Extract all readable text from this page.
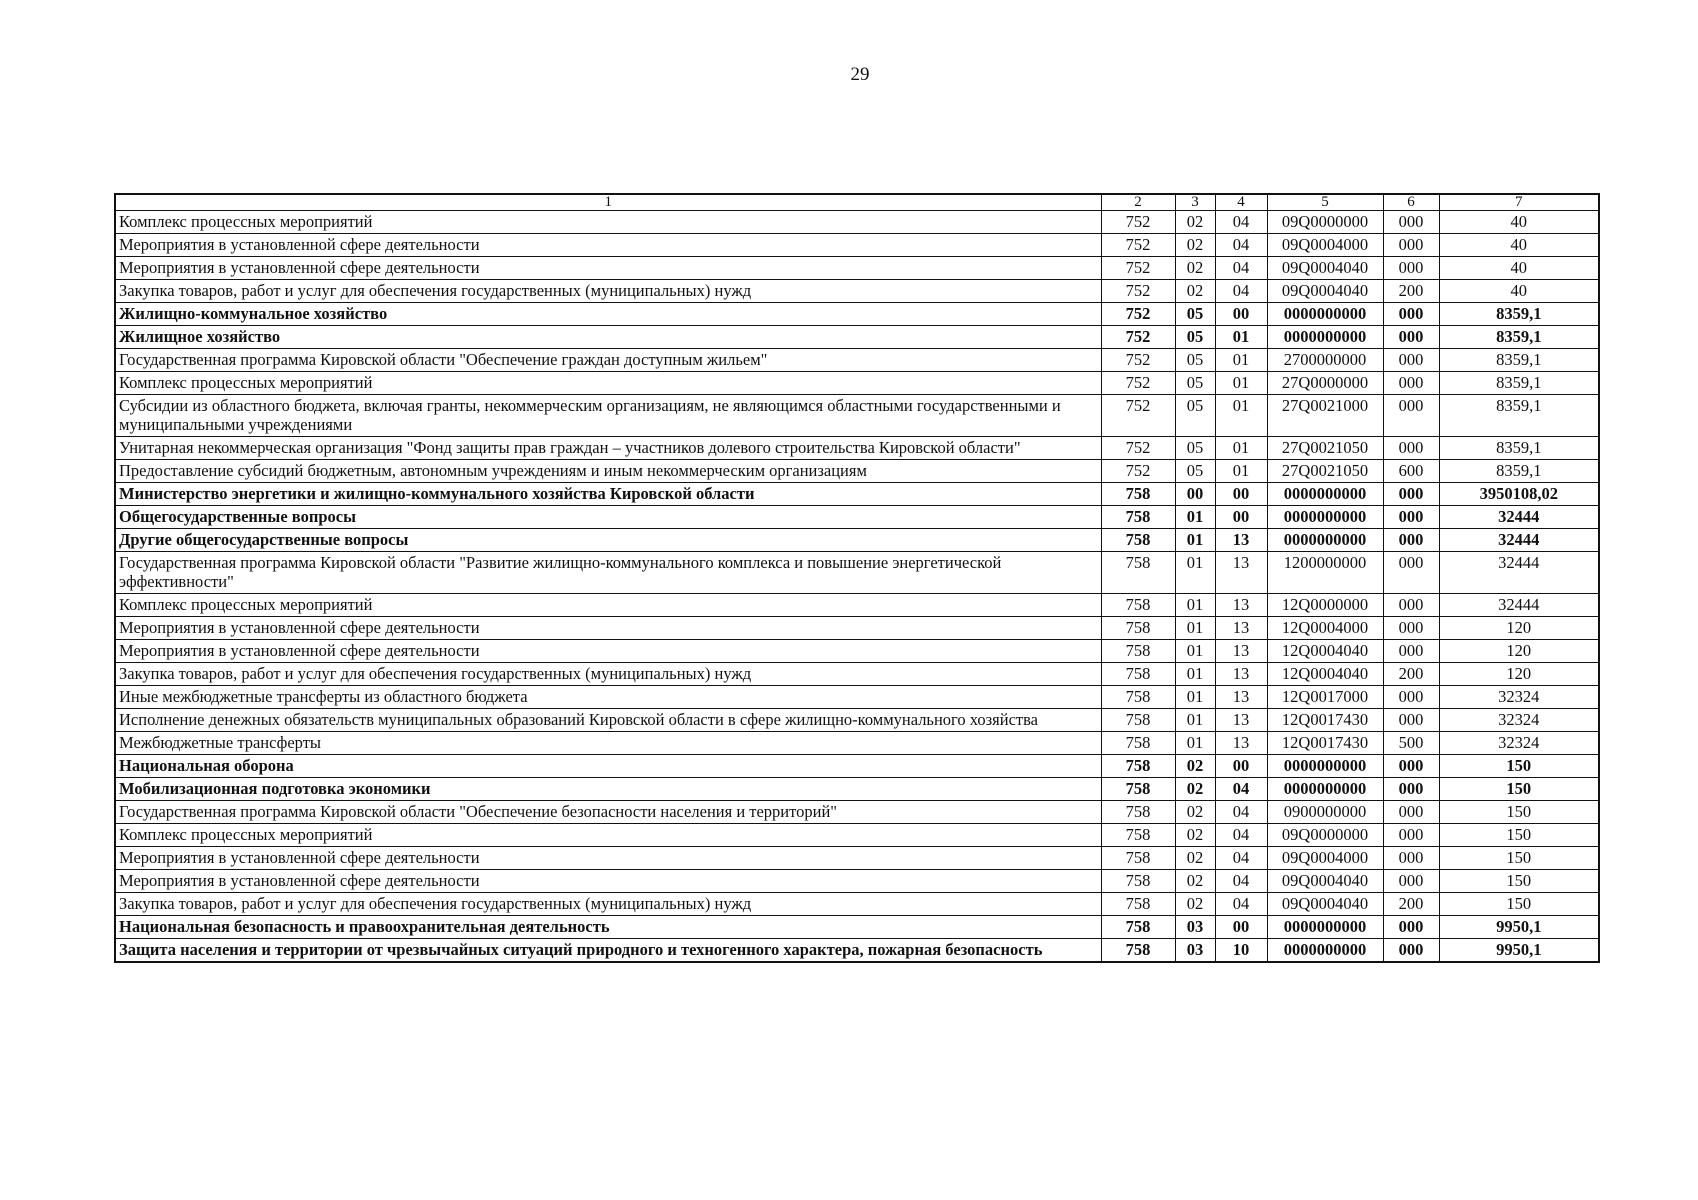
29
1	2	3	4	5	6	7
Комплекс процессных мероприятий	752	02	04	09Q0000000	000	40
Мероприятия в установленной сфере деятельности	752	02	04	09Q0004000	000	40
Мероприятия в установленной сфере деятельности	752	02	04	09Q0004040	000	40
Закупка товаров, работ и услуг для обеспечения государственных (муниципальных) нужд	752	02	04	09Q0004040	200	40
Жилищно-коммунальное хозяйство	752	05	00	0000000000	000	8359,1
Жилищное хозяйство	752	05	01	0000000000	000	8359,1
Государственная программа Кировской области "Обеспечение граждан доступным жильем"	752	05	01	2700000000	000	8359,1
Комплекс процессных мероприятий	752	05	01	27Q0000000	000	8359,1
Субсидии из областного бюджета, включая гранты, некоммерческим организациям, не являющимся областными государственными и муниципальными учреждениями	752	05	01	27Q0021000	000	8359,1
Унитарная некоммерческая организация "Фонд защиты прав граждан – участников долевого строительства Кировской области"	752	05	01	27Q0021050	000	8359,1
Предоставление субсидий бюджетным, автономным учреждениям и иным некоммерческим организациям	752	05	01	27Q0021050	600	8359,1
Министерство энергетики и жилищно-коммунального хозяйства Кировской области	758	00	00	0000000000	000	3950108,02
Общегосударственные вопросы	758	01	00	0000000000	000	32444
Другие общегосударственные вопросы	758	01	13	0000000000	000	32444
Государственная программа Кировской области "Развитие жилищно-коммунального комплекса и повышение энергетической эффективности"	758	01	13	1200000000	000	32444
Комплекс процессных мероприятий	758	01	13	12Q0000000	000	32444
Мероприятия в установленной сфере деятельности	758	01	13	12Q0004000	000	120
Мероприятия в установленной сфере деятельности	758	01	13	12Q0004040	000	120
Закупка товаров, работ и услуг для обеспечения государственных (муниципальных) нужд	758	01	13	12Q0004040	200	120
Иные межбюджетные трансферты из областного бюджета	758	01	13	12Q0017000	000	32324
Исполнение денежных обязательств муниципальных образований Кировской области в сфере жилищно-коммунального хозяйства	758	01	13	12Q0017430	000	32324
Межбюджетные трансферты	758	01	13	12Q0017430	500	32324
Национальная оборона	758	02	00	0000000000	000	150
Мобилизационная подготовка экономики	758	02	04	0000000000	000	150
Государственная программа Кировской области "Обеспечение безопасности населения и территорий"	758	02	04	0900000000	000	150
Комплекс процессных мероприятий	758	02	04	09Q0000000	000	150
Мероприятия в установленной сфере деятельности	758	02	04	09Q0004000	000	150
Мероприятия в установленной сфере деятельности	758	02	04	09Q0004040	000	150
Закупка товаров, работ и услуг для обеспечения государственных (муниципальных) нужд	758	02	04	09Q0004040	200	150
Национальная безопасность и правоохранительная деятельность	758	03	00	0000000000	000	9950,1
Защита населения и территории от чрезвычайных ситуаций природного и техногенного характера, пожарная безопасность	758	03	10	0000000000	000	9950,1
